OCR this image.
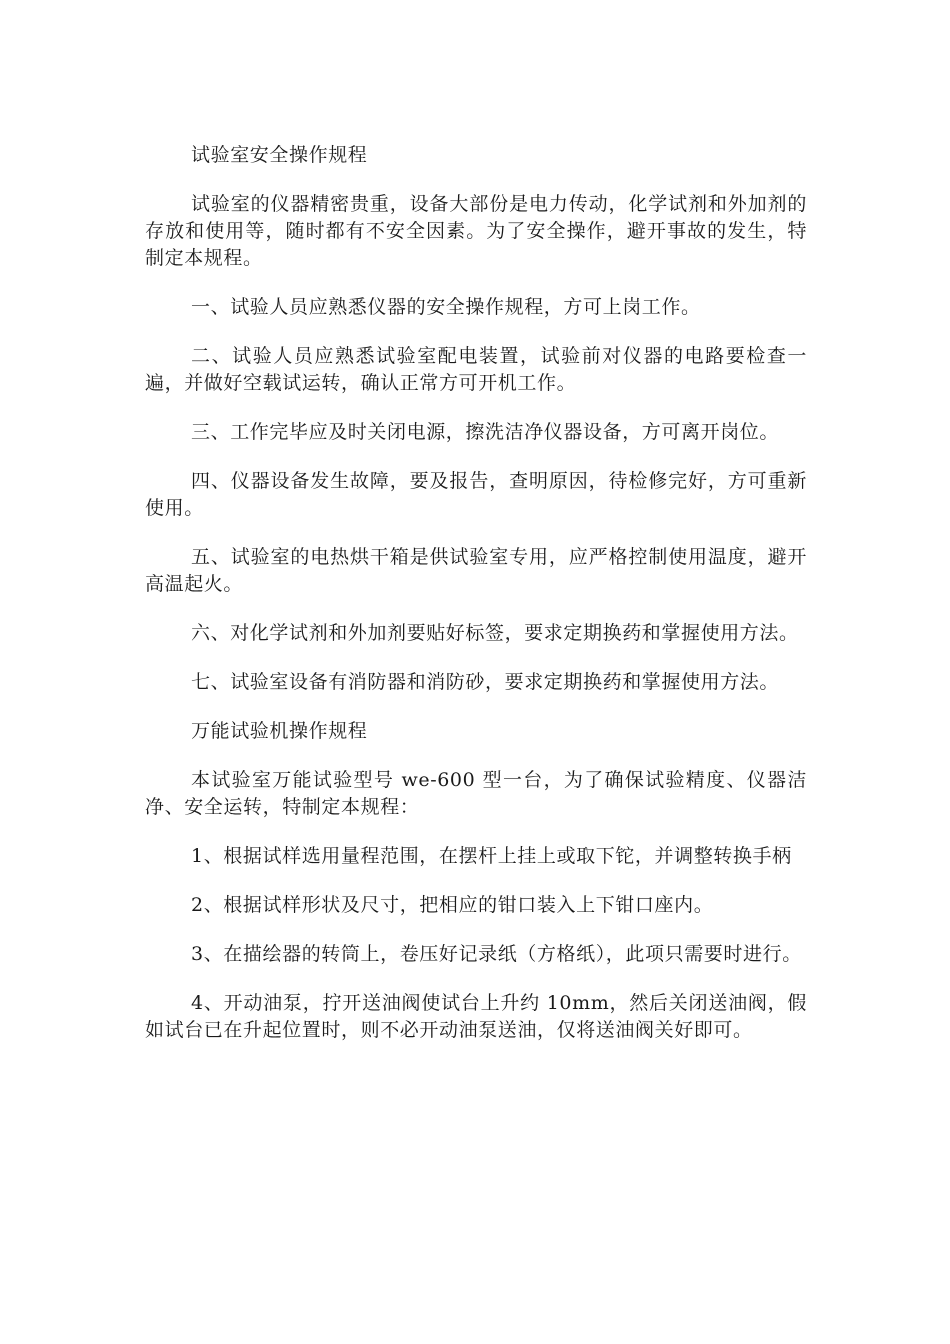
试验室安全操作规程

试验室的仪器精密贵重，设备大部份是电力传动，化学试剂和外加剂的存放和使用等，随时都有不安全因素。为了安全操作，避开事故的发生，特制定本规程。

一、试验人员应熟悉仪器的安全操作规程，方可上岗工作。

二、试验人员应熟悉试验室配电装置，试验前对仪器的电路要检查一遍，并做好空载试运转，确认正常方可开机工作。

三、工作完毕应及时关闭电源，擦洗洁净仪器设备，方可离开岗位。

四、仪器设备发生故障，要及报告，查明原因，待检修完好，方可重新使用。

五、试验室的电热烘干箱是供试验室专用，应严格控制使用温度，避开高温起火。

六、对化学试剂和外加剂要贴好标签，要求定期换药和掌握使用方法。

七、试验室设备有消防器和消防砂，要求定期换药和掌握使用方法。

万能试验机操作规程

本试验室万能试验型号 we-600 型一台，为了确保试验精度、仪器洁净、安全运转，特制定本规程：

1、根据试样选用量程范围，在摆杆上挂上或取下铊，并调整转换手柄

2、根据试样形状及尺寸，把相应的钳口装入上下钳口座内。

3、在描绘器的转筒上，卷压好记录纸（方格纸），此项只需要时进行。

4、开动油泵，拧开送油阀使试台上升约 10mm，然后关闭送油阀，假如试台已在升起位置时，则不必开动油泵送油，仅将送油阀关好即可。
